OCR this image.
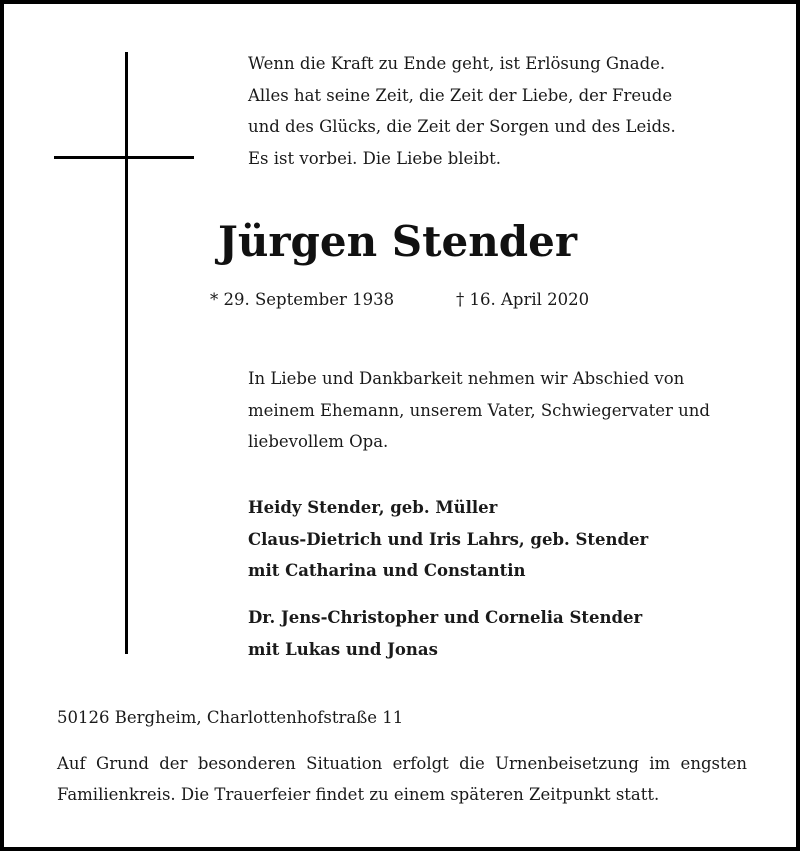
Wenn die Kraft zu Ende geht, ist Erlösung Gnade.
Alles hat seine Zeit, die Zeit der Liebe, der Freude
und des Glücks, die Zeit der Sorgen und des Leids.
Es ist vorbei. Die Liebe bleibt.
Jürgen Stender
* 29. September 1938	† 16. April 2020
In Liebe und Dankbarkeit nehmen wir Abschied von
meinem Ehemann, unserem Vater, Schwiegervater und
liebevollem Opa.
Heidy Stender, geb. Müller
Claus-Dietrich und Iris Lahrs, geb. Stender
mit Catharina und Constantin
Dr. Jens-Christopher und Cornelia Stender
mit Lukas und Jonas
50126 Bergheim, Charlottenhofstraße 11

Auf Grund der besonderen Situation erfolgt die Urnenbeisetzung im engsten
Familienkreis. Die Trauerfeier findet zu einem späteren Zeitpunkt statt.
